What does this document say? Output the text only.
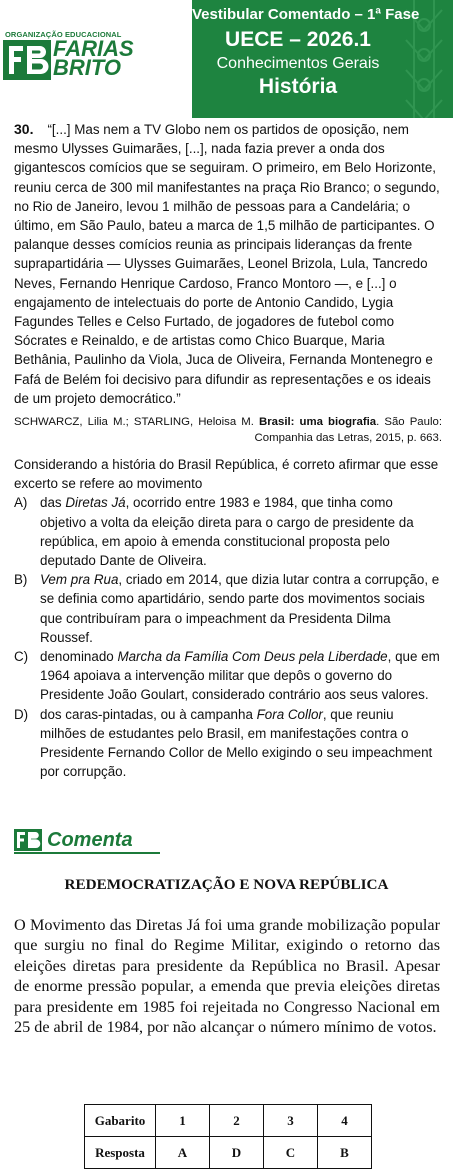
ORGANIZAÇÃO EDUCACIONAL
FARIAS
BRITO
Vestibular Comentado – 1ª Fase
UECE – 2026.1
Conhecimentos Gerais
História
30. “[...] Mas nem a TV Globo nem os partidos de oposição, nem mesmo Ulysses Guimarães, [...], nada fazia prever a onda dos gigantescos comícios que se seguiram. O primeiro, em Belo Horizonte, reuniu cerca de 300 mil manifestantes na praça Rio Branco; o segundo, no Rio de Janeiro, levou 1 milhão de pessoas para a Candelária; o último, em São Paulo, bateu a marca de 1,5 milhão de participantes. O palanque desses comícios reunia as principais lideranças da frente suprapartidária — Ulysses Guimarães, Leonel Brizola, Lula, Tancredo Neves, Fernando Henrique Cardoso, Franco Montoro —, e [...] o engajamento de intelectuais do porte de Antonio Candido, Lygia Fagundes Telles e Celso Furtado, de jogadores de futebol como Sócrates e Reinaldo, e de artistas como Chico Buarque, Maria Bethânia, Paulinho da Viola, Juca de Oliveira, Fernanda Montenegro e Fafá de Belém foi decisivo para difundir as representações e os ideais de um projeto democrático.”
SCHWARCZ, Lilia M.; STARLING, Heloisa M. Brasil: uma biografia. São Paulo: Companhia das Letras, 2015, p. 663.
Considerando a história do Brasil República, é correto afirmar que esse excerto se refere ao movimento
A) das Diretas Já, ocorrido entre 1983 e 1984, que tinha como objetivo a volta da eleição direta para o cargo de presidente da república, em apoio à emenda constitucional proposta pelo deputado Dante de Oliveira.
B) Vem pra Rua, criado em 2014, que dizia lutar contra a corrupção, e se definia como apartidário, sendo parte dos movimentos sociais que contribuíram para o impeachment da Presidenta Dilma Roussef.
C) denominado Marcha da Família Com Deus pela Liberdade, que em 1964 apoiava a intervenção militar que depôs o governo do Presidente João Goulart, considerado contrário aos seus valores.
D) dos caras-pintadas, ou à campanha Fora Collor, que reuniu milhões de estudantes pelo Brasil, em manifestações contra o Presidente Fernando Collor de Mello exigindo o seu impeachment por corrupção.
Comenta
REDEMOCRATIZAÇÃO E NOVA REPÚBLICA
O Movimento das Diretas Já foi uma grande mobilização popular que surgiu no final do Regime Militar, exigindo o retorno das eleições diretas para presidente da República no Brasil. Apesar de enorme pressão popular, a emenda que previa eleições diretas para presidente em 1985 foi rejeitada no Congresso Nacional em 25 de abril de 1984, por não alcançar o número mínimo de votos.
Gabarito	1	2	3	4
Resposta	A	D	C	B
